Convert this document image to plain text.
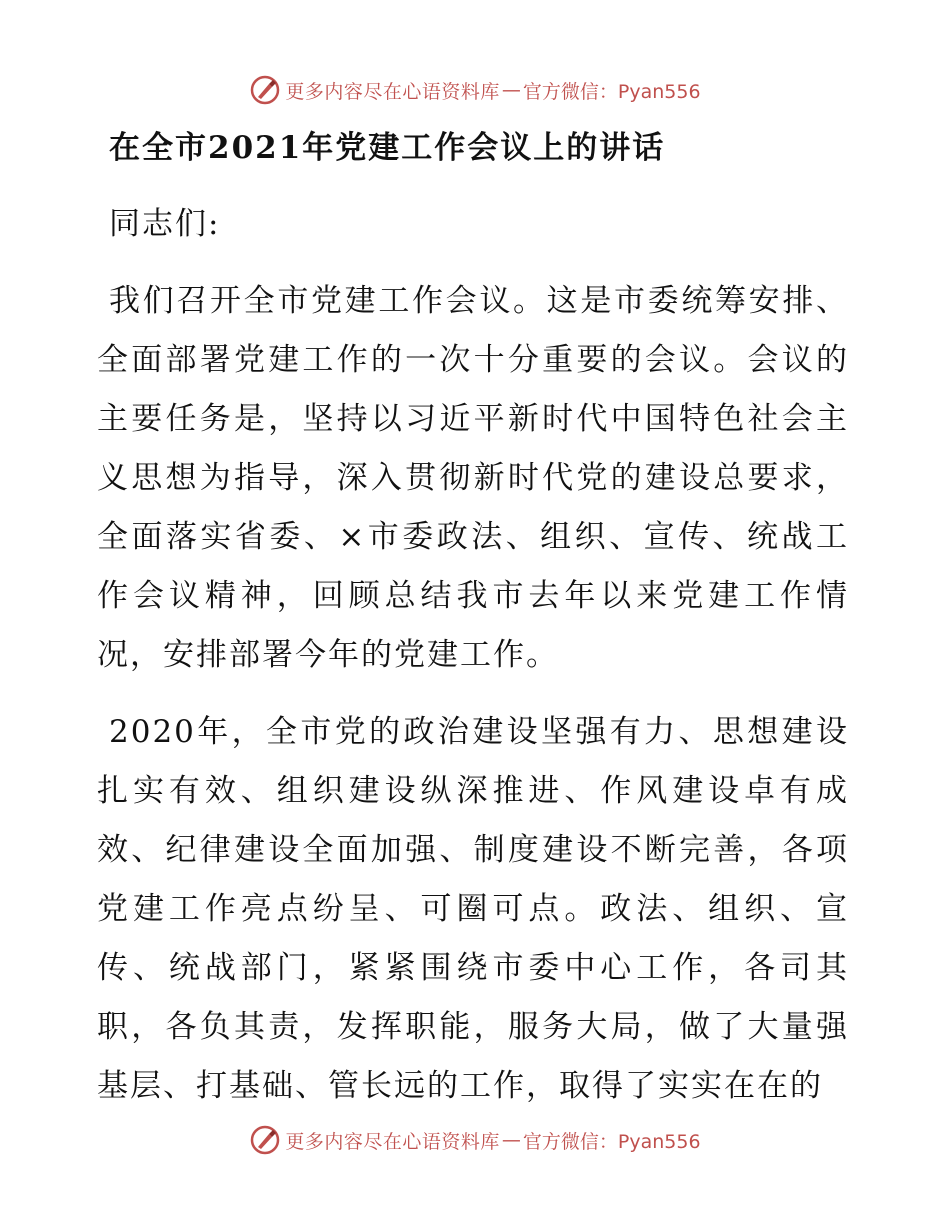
更多内容尽在心语资料库 — 官方微信：Pyan556
在全市2021年党建工作会议上的讲话

同志们:

我们召开全市党建工作会议。这是市委统筹安排、全面部署党建工作的一次十分重要的会议。会议的主要任务是，坚持以习近平新时代中国特色社会主义思想为指导，深入贯彻新时代党的建设总要求，全面落实省委、×市委政法、组织、宣传、统战工作会议精神，回顾总结我市去年以来党建工作情况，安排部署今年的党建工作。

2020年，全市党的政治建设坚强有力、思想建设扎实有效、组织建设纵深推进、作风建设卓有成效、纪律建设全面加强、制度建设不断完善，各项党建工作亮点纷呈、可圈可点。政法、组织、宣传、统战部门，紧紧围绕市委中心工作，各司其职，各负其责，发挥职能，服务大局，做了大量强基层、打基础、管长远的工作，取得了实实在在的

更多内容尽在心语资料库 — 官方微信：Pyan556
